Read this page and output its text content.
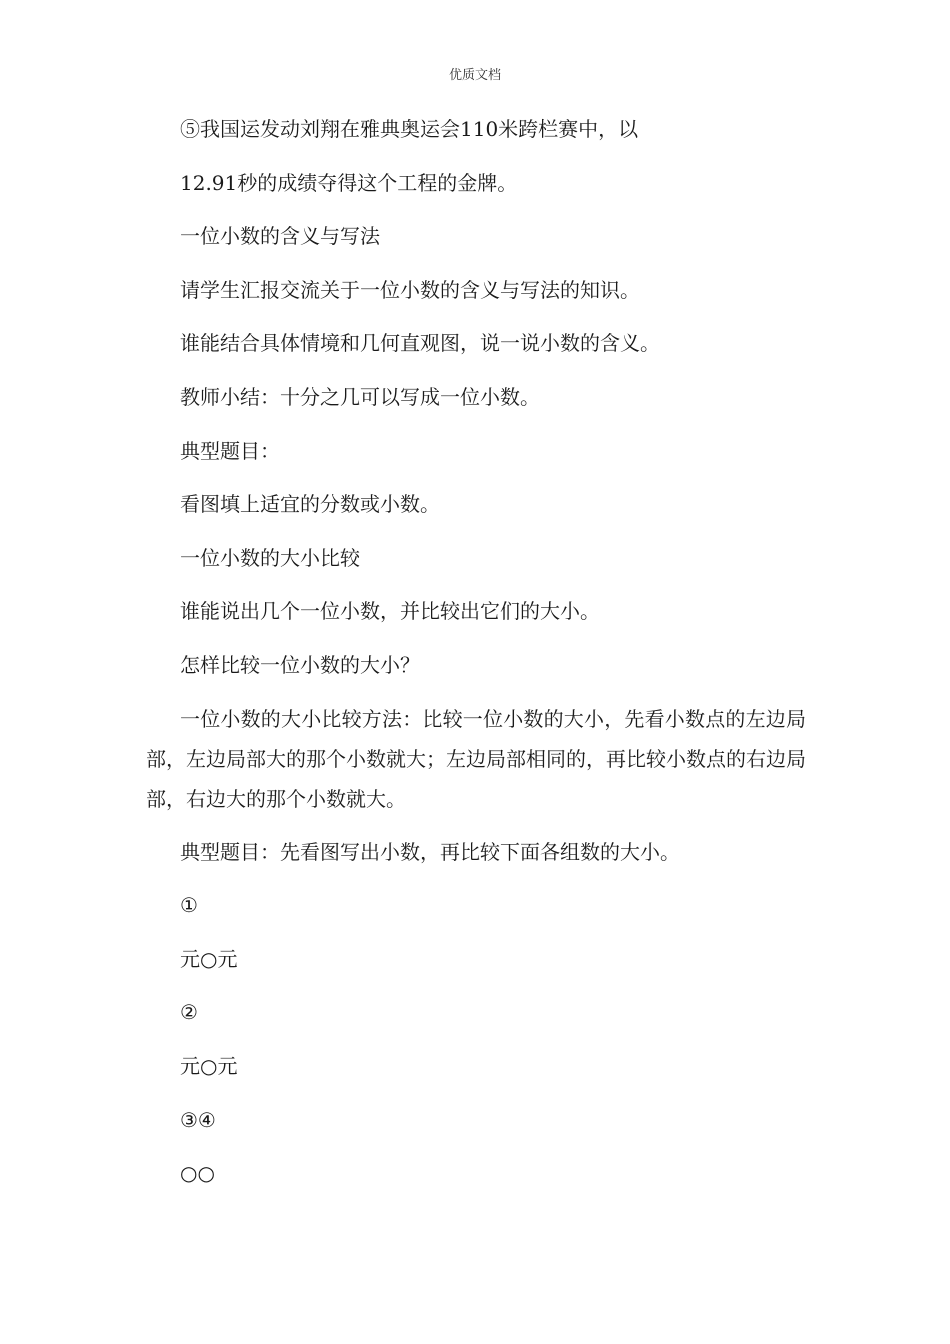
优质文档
⑤我国运发动刘翔在雅典奥运会110米跨栏赛中，以
12.91秒的成绩夺得这个工程的金牌。
一位小数的含义与写法
请学生汇报交流关于一位小数的含义与写法的知识。
谁能结合具体情境和几何直观图，说一说小数的含义。
教师小结：十分之几可以写成一位小数。
典型题目：
看图填上适宜的分数或小数。
一位小数的大小比较
谁能说出几个一位小数，并比较出它们的大小。
怎样比较一位小数的大小？
一位小数的大小比较方法：比较一位小数的大小，先看小数点的左边局部，左边局部大的那个小数就大；左边局部相同的，再比较小数点的右边局部，右边大的那个小数就大。
典型题目：先看图写出小数，再比较下面各组数的大小。
①
元○元
②
元○元
③④
○○
